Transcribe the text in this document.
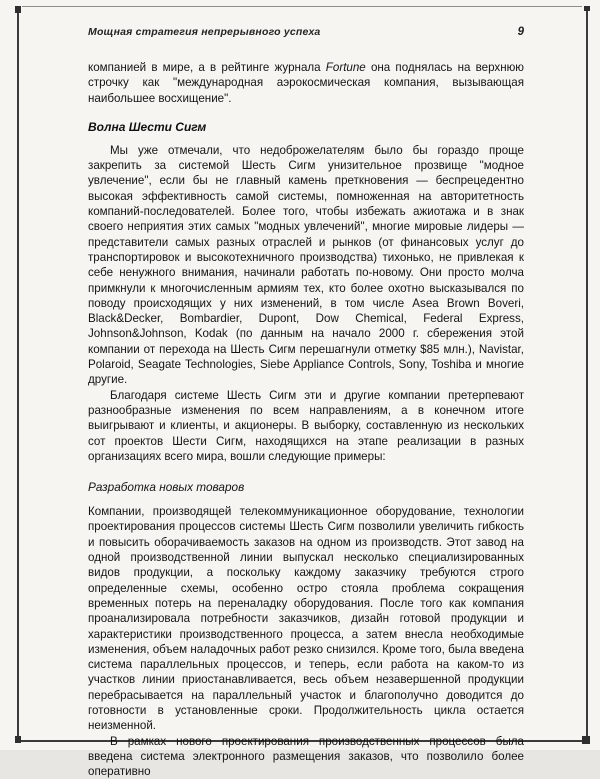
Мощная стратегия непрерывного успеха	9

компанией в мире, а в рейтинге журнала Fortune она поднялась на верхнюю строчку как "международная аэрокосмическая компания, вызывающая наибольшее восхищение".

Волна Шести Сигм

Мы уже отмечали, что недоброжелателям было бы гораздо проще закрепить за системой Шесть Сигм унизительное прозвище "модное увлечение", если бы не главный камень преткновения — беспрецедентно высокая эффективность самой системы, помноженная на авторитетность компаний-последователей. Более того, чтобы избежать ажиотажа и в знак своего неприятия этих самых "модных увлечений", многие мировые лидеры — представители самых разных отраслей и рынков (от финансовых услуг до транспортировок и высокотехничного производства) тихонько, не привлекая к себе ненужного внимания, начинали работать по-новому. Они просто молча примкнули к многочисленным армиям тех, кто более охотно высказывался по поводу происходящих у них изменений, в том числе Asea Brown Boveri, Black&Decker, Bombardier, Dupont, Dow Chemical, Federal Express, Johnson&Johnson, Kodak (по данным на начало 2000 г. сбережения этой компании от перехода на Шесть Сигм перешагнули отметку $85 млн.), Navistar, Polaroid, Seagate Technologies, Siebe Appliance Controls, Sony, Toshiba и многие другие.

Благодаря системе Шесть Сигм эти и другие компании претерпевают разнообразные изменения по всем направлениям, а в конечном итоге выигрывают и клиенты, и акционеры. В выборку, составленную из нескольких сот проектов Шести Сигм, находящихся на этапе реализации в разных организациях всего мира, вошли следующие примеры:

Разработка новых товаров

Компании, производящей телекоммуникационное оборудование, технологии проектирования процессов системы Шесть Сигм позволили увеличить гибкость и повысить оборачиваемость заказов на одном из производств. Этот завод на одной производственной линии выпускал несколько специализированных видов продукции, а поскольку каждому заказчику требуются строго определенные схемы, особенно остро стояла проблема сокращения временных потерь на переналадку оборудования. После того как компания проанализировала потребности заказчиков, дизайн готовой продукции и характеристики производственного процесса, а затем внесла необходимые изменения, объем наладочных работ резко снизился. Кроме того, была введена система параллельных процессов, и теперь, если работа на каком-то из участков линии приостанавливается, весь объем незавершенной продукции перебрасывается на параллельный участок и благополучно доводится до готовности в установленные сроки. Продолжительность цикла остается неизменной.

В рамках нового проектирования производственных процессов была введена система электронного размещения заказов, что позволило более оперативно
